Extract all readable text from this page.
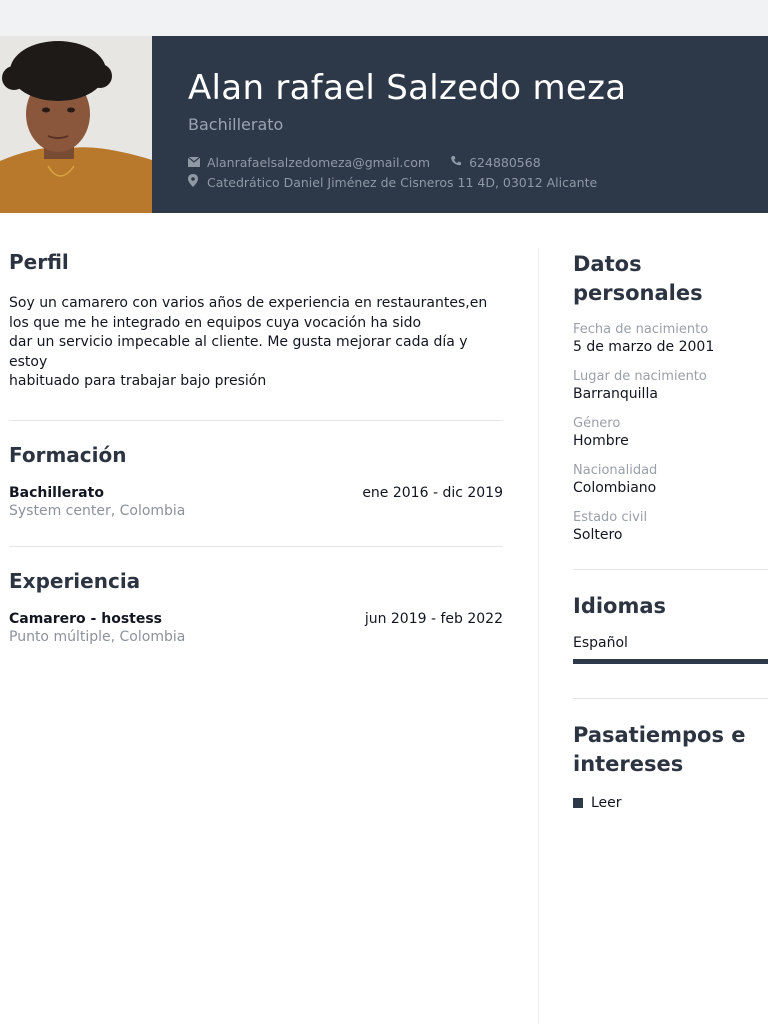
Alan rafael Salzedo meza
Bachillerato
Alanrafaelsalzedomeza@gmail.com	624880568
Catedrático Daniel Jiménez de Cisneros 11 4D, 03012 Alicante
Perfil
Soy un camarero con varios años de experiencia en restaurantes,en
los que me he integrado en equipos cuya vocación ha sido
dar un servicio impecable al cliente. Me gusta mejorar cada día y
estoy
habituado para trabajar bajo presión
Formación
Bachillerato	ene 2016 - dic 2019
System center, Colombia
Experiencia
Camarero - hostess	jun 2019 - feb 2022
Punto múltiple, Colombia
Datos personales
Fecha de nacimiento
5 de marzo de 2001
Lugar de nacimiento
Barranquilla
Género
Hombre
Nacionalidad
Colombiano
Estado civil
Soltero
Idiomas
Español
Pasatiempos e
intereses
Leer
